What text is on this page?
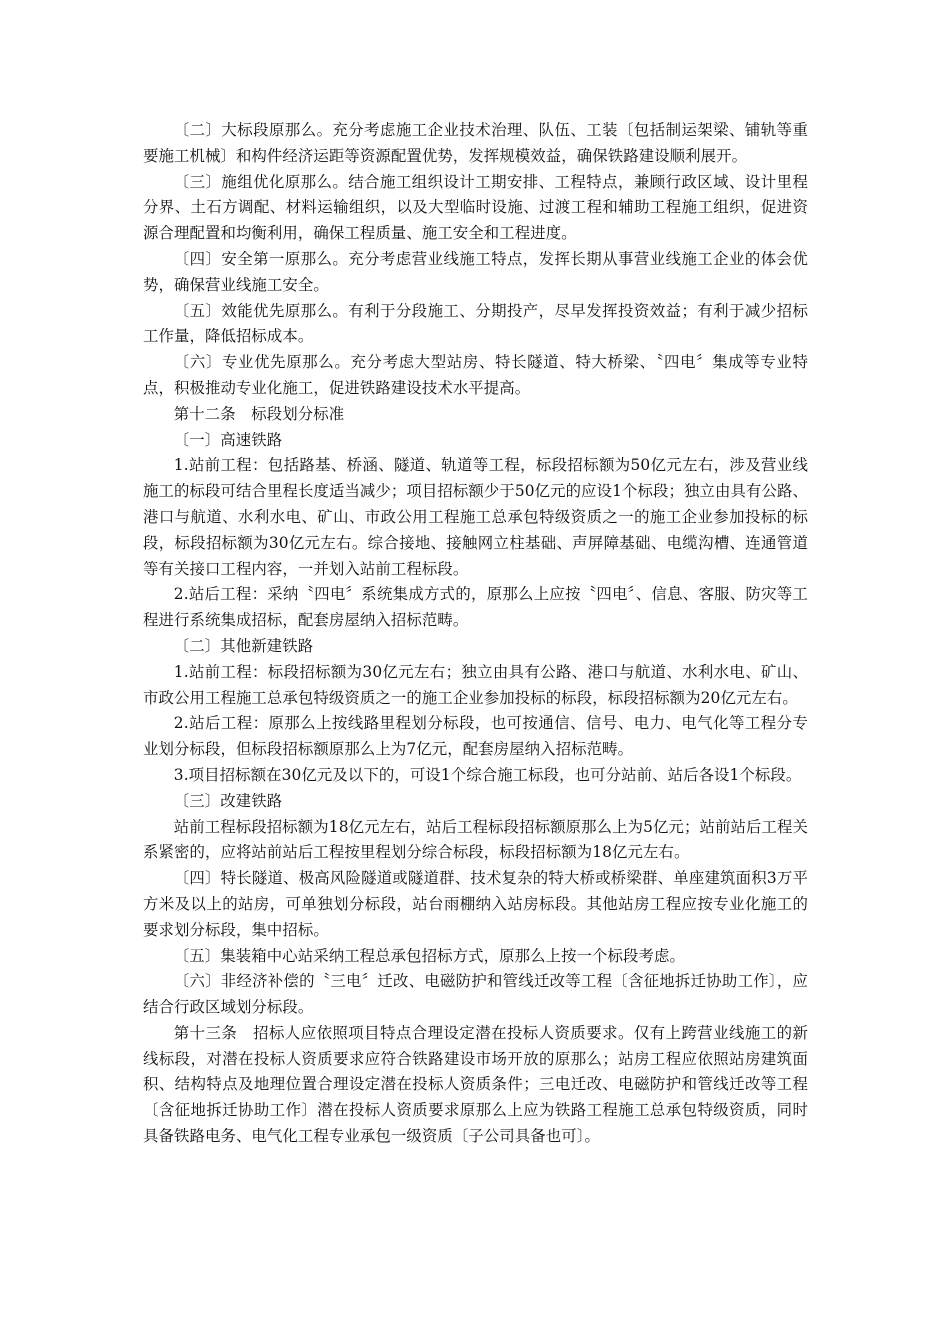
〔二〕大标段原那么。充分考虑施工企业技术治理、队伍、工装〔包括制运架梁、铺轨等重要施工机械〕和构件经济运距等资源配置优势，发挥规模效益，确保铁路建设顺利展开。

〔三〕施组优化原那么。结合施工组织设计工期安排、工程特点，兼顾行政区域、设计里程分界、土石方调配、材料运输组织，以及大型临时设施、过渡工程和辅助工程施工组织，促进资源合理配置和均衡利用，确保工程质量、施工安全和工程进度。

〔四〕安全第一原那么。充分考虑营业线施工特点，发挥长期从事营业线施工企业的体会优势，确保营业线施工安全。

〔五〕效能优先原那么。有利于分段施工、分期投产，尽早发挥投资效益；有利于减少招标工作量，降低招标成本。

〔六〕专业优先原那么。充分考虑大型站房、特长隧道、特大桥梁、〝四电〞集成等专业特点，积极推动专业化施工，促进铁路建设技术水平提高。

第十二条　标段划分标准

〔一〕高速铁路

1.站前工程：包括路基、桥涵、隧道、轨道等工程，标段招标额为50亿元左右，涉及营业线施工的标段可结合里程长度适当减少；项目招标额少于50亿元的应设1个标段；独立由具有公路、港口与航道、水利水电、矿山、市政公用工程施工总承包特级资质之一的施工企业参加投标的标段，标段招标额为30亿元左右。综合接地、接触网立柱基础、声屏障基础、电缆沟槽、连通管道等有关接口工程内容，一并划入站前工程标段。

2.站后工程：采纳〝四电〞系统集成方式的，原那么上应按〝四电〞、信息、客服、防灾等工程进行系统集成招标，配套房屋纳入招标范畴。

〔二〕其他新建铁路

1.站前工程：标段招标额为30亿元左右；独立由具有公路、港口与航道、水利水电、矿山、市政公用工程施工总承包特级资质之一的施工企业参加投标的标段，标段招标额为20亿元左右。

2.站后工程：原那么上按线路里程划分标段，也可按通信、信号、电力、电气化等工程分专业划分标段，但标段招标额原那么上为7亿元，配套房屋纳入招标范畴。

3.项目招标额在30亿元及以下的，可设1个综合施工标段，也可分站前、站后各设1个标段。

〔三〕改建铁路

站前工程标段招标额为18亿元左右，站后工程标段招标额原那么上为5亿元；站前站后工程关系紧密的，应将站前站后工程按里程划分综合标段，标段招标额为18亿元左右。

〔四〕特长隧道、极高风险隧道或隧道群、技术复杂的特大桥或桥梁群、单座建筑面积3万平方米及以上的站房，可单独划分标段，站台雨棚纳入站房标段。其他站房工程应按专业化施工的要求划分标段，集中招标。

〔五〕集装箱中心站采纳工程总承包招标方式，原那么上按一个标段考虑。

〔六〕非经济补偿的〝三电〞迁改、电磁防护和管线迁改等工程〔含征地拆迁协助工作〕，应结合行政区域划分标段。

第十三条　招标人应依照项目特点合理设定潜在投标人资质要求。仅有上跨营业线施工的新线标段，对潜在投标人资质要求应符合铁路建设市场开放的原那么；站房工程应依照站房建筑面积、结构特点及地理位置合理设定潜在投标人资质条件；三电迁改、电磁防护和管线迁改等工程〔含征地拆迁协助工作〕潜在投标人资质要求原那么上应为铁路工程施工总承包特级资质，同时具备铁路电务、电气化工程专业承包一级资质〔子公司具备也可〕。
